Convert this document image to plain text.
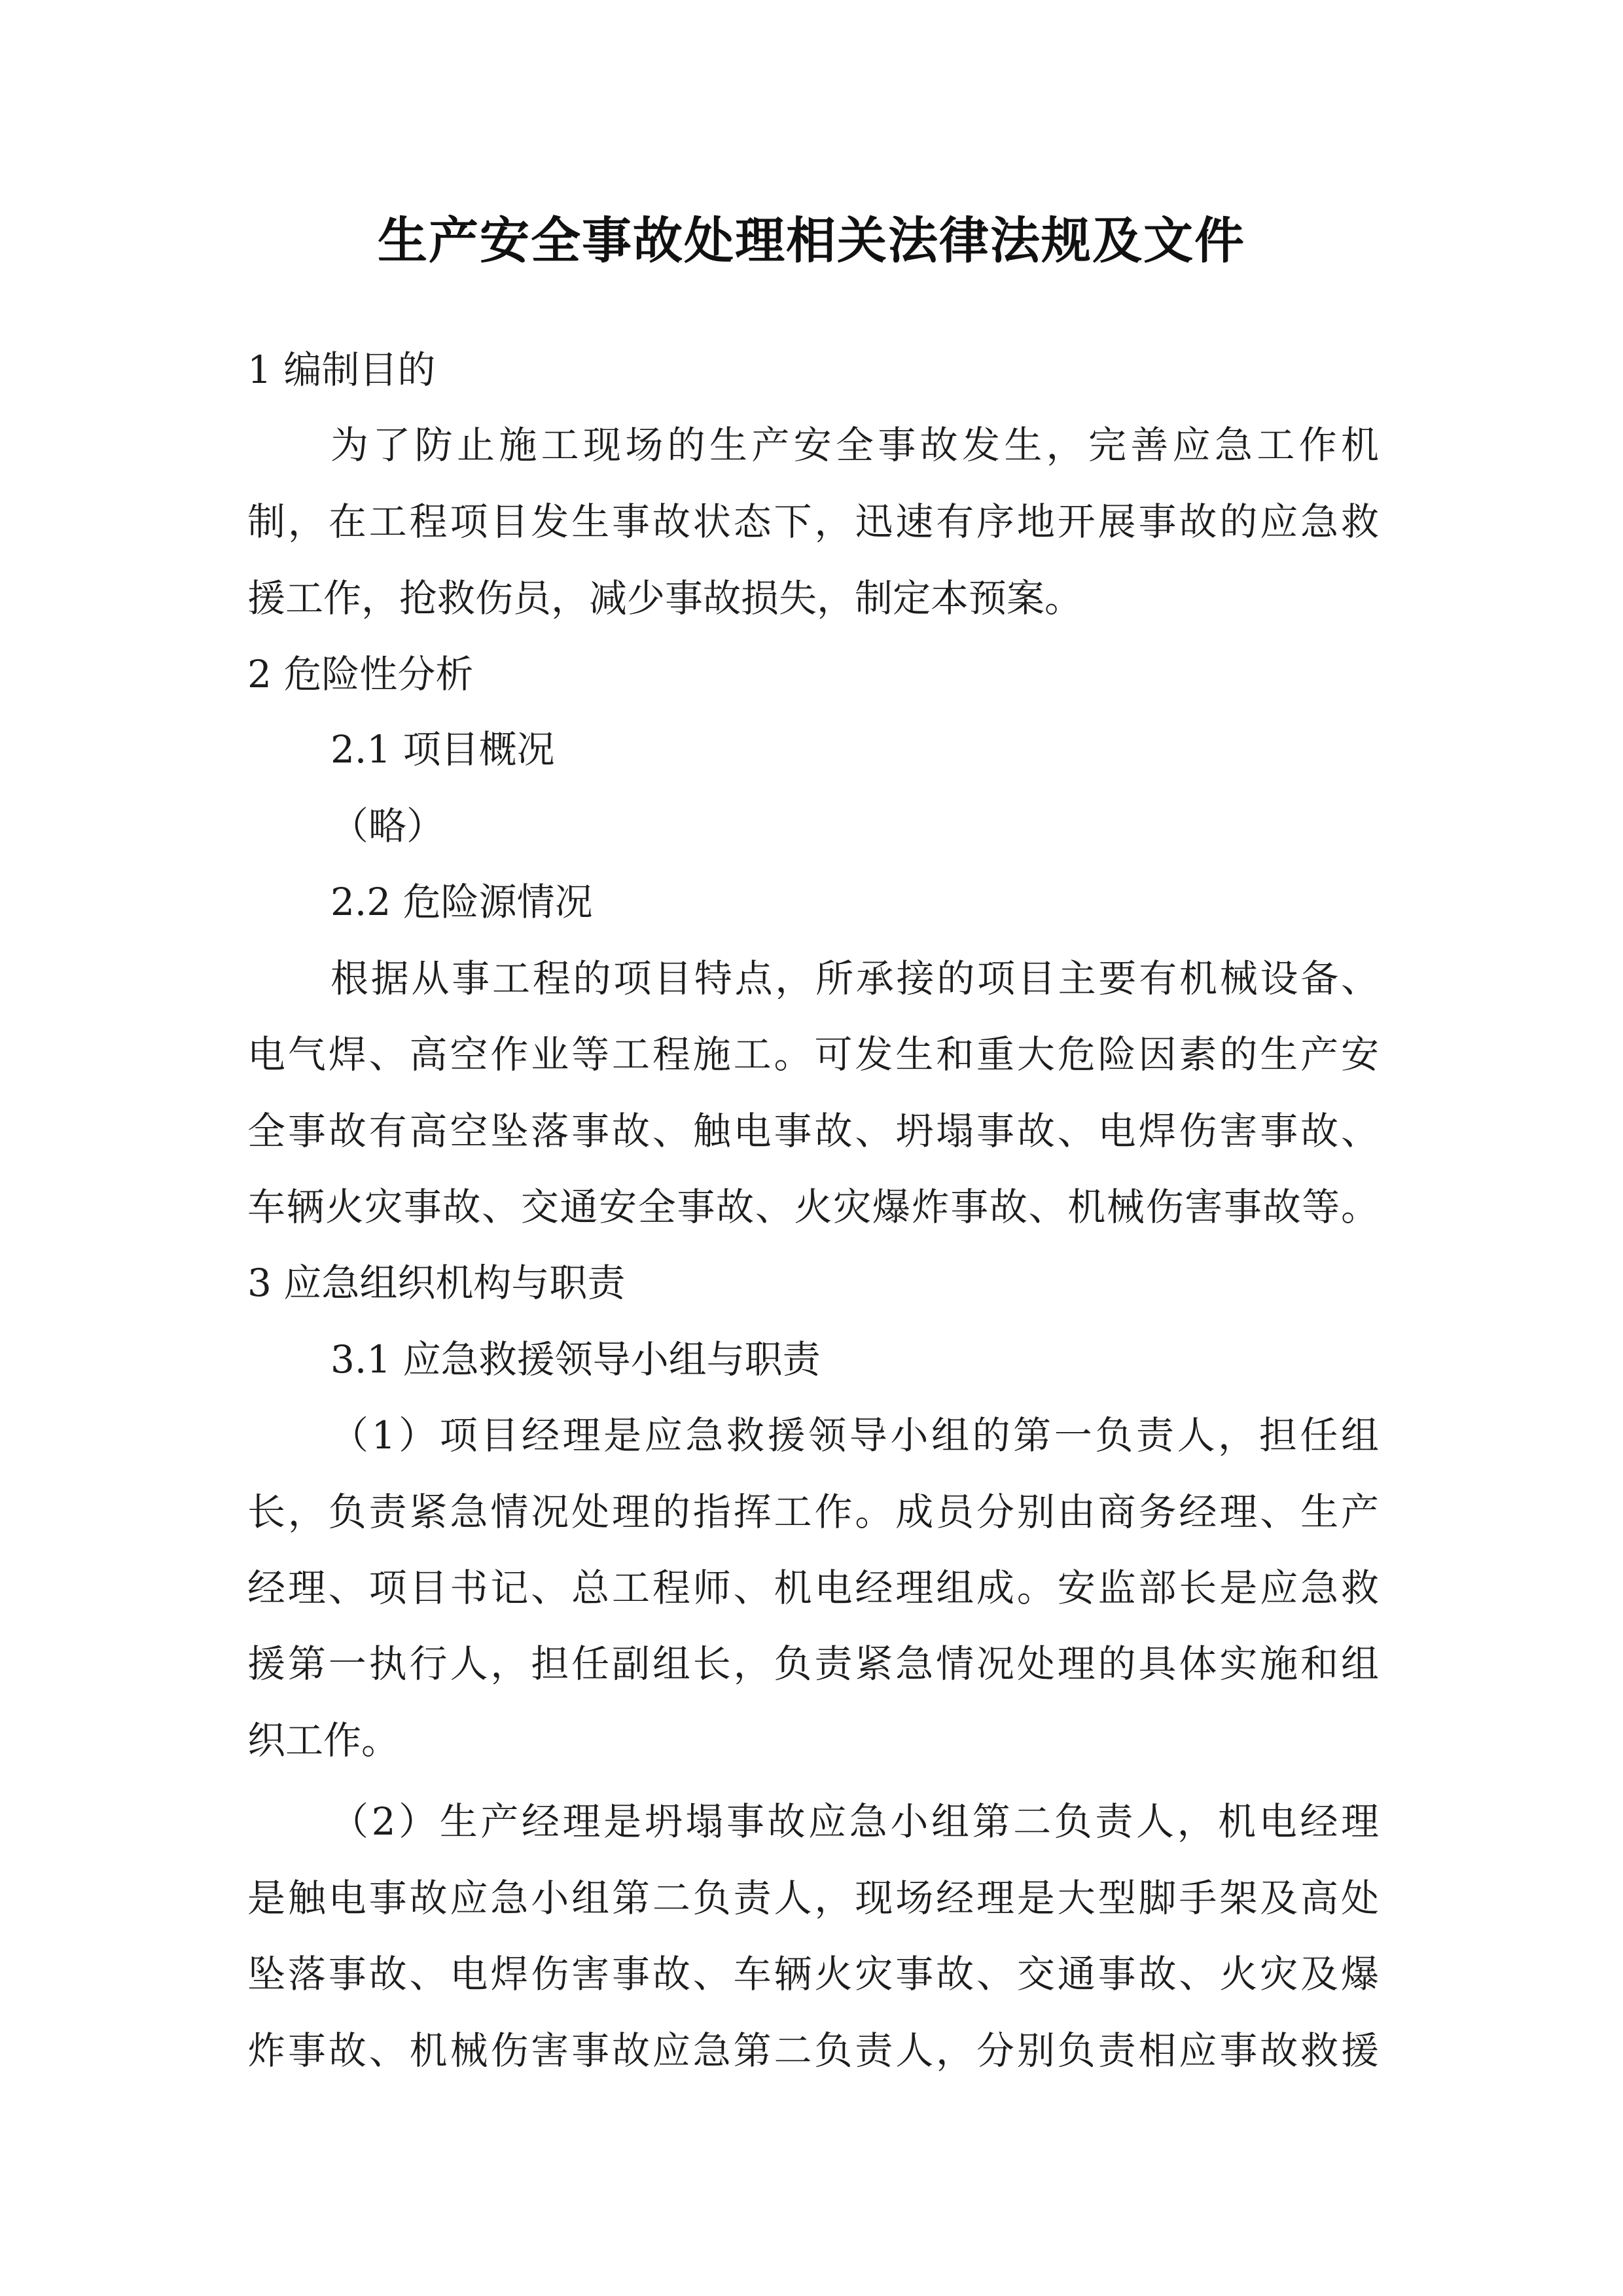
生产安全事故处理相关法律法规及文件
1 编制目的
为了防止施工现场的生产安全事故发生，完善应急工作机
制，在工程项目发生事故状态下，迅速有序地开展事故的应急救
援工作，抢救伤员，减少事故损失，制定本预案。
2 危险性分析
2.1 项目概况
（略）
2.2 危险源情况
根据从事工程的项目特点，所承接的项目主要有机械设备、
电气焊、高空作业等工程施工。可发生和重大危险因素的生产安
全事故有高空坠落事故、触电事故、坍塌事故、电焊伤害事故、
车辆火灾事故、交通安全事故、火灾爆炸事故、机械伤害事故等。
3 应急组织机构与职责
3.1 应急救援领导小组与职责
（1）项目经理是应急救援领导小组的第一负责人，担任组
长，负责紧急情况处理的指挥工作。成员分别由商务经理、生产
经理、项目书记、总工程师、机电经理组成。安监部长是应急救
援第一执行人，担任副组长，负责紧急情况处理的具体实施和组
织工作。
（2）生产经理是坍塌事故应急小组第二负责人，机电经理
是触电事故应急小组第二负责人，现场经理是大型脚手架及高处
坠落事故、电焊伤害事故、车辆火灾事故、交通事故、火灾及爆
炸事故、机械伤害事故应急第二负责人，分别负责相应事故救援
